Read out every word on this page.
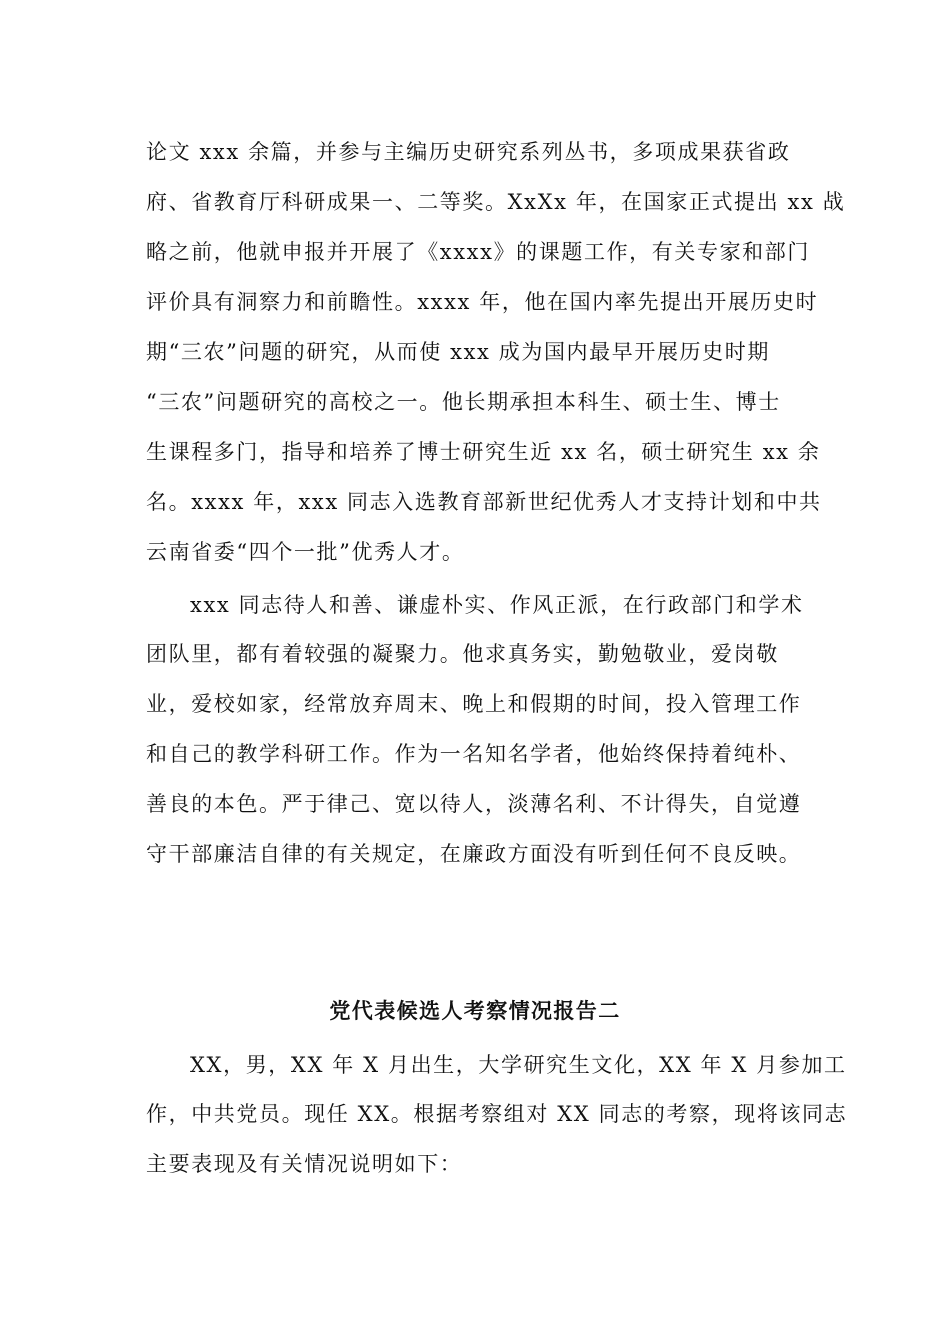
论文 xxx 余篇，并参与主编历史研究系列丛书，多项成果获省政
府、省教育厅科研成果一、二等奖。XxXx 年，在国家正式提出 xx 战
略之前，他就申报并开展了《xxxx》的课题工作，有关专家和部门
评价具有洞察力和前瞻性。xxxx 年，他在国内率先提出开展历史时
期“三农”问题的研究，从而使 xxx 成为国内最早开展历史时期
“三农”问题研究的高校之一。他长期承担本科生、硕士生、博士
生课程多门，指导和培养了博士研究生近 xx 名，硕士研究生 xx 余
名。xxxx 年，xxx 同志入选教育部新世纪优秀人才支持计划和中共
云南省委“四个一批”优秀人才。
xxx 同志待人和善、谦虚朴实、作风正派，在行政部门和学术
团队里，都有着较强的凝聚力。他求真务实，勤勉敬业，爱岗敬
业，爱校如家，经常放弃周末、晚上和假期的时间，投入管理工作
和自己的教学科研工作。作为一名知名学者，他始终保持着纯朴、
善良的本色。严于律己、宽以待人，淡薄名利、不计得失，自觉遵
守干部廉洁自律的有关规定，在廉政方面没有听到任何不良反映。
党代表候选人考察情况报告二
XX，男，XX 年 X 月出生，大学研究生文化，XX 年 X 月参加工
作，中共党员。现任 XX。根据考察组对 XX 同志的考察，现将该同志
主要表现及有关情况说明如下：
